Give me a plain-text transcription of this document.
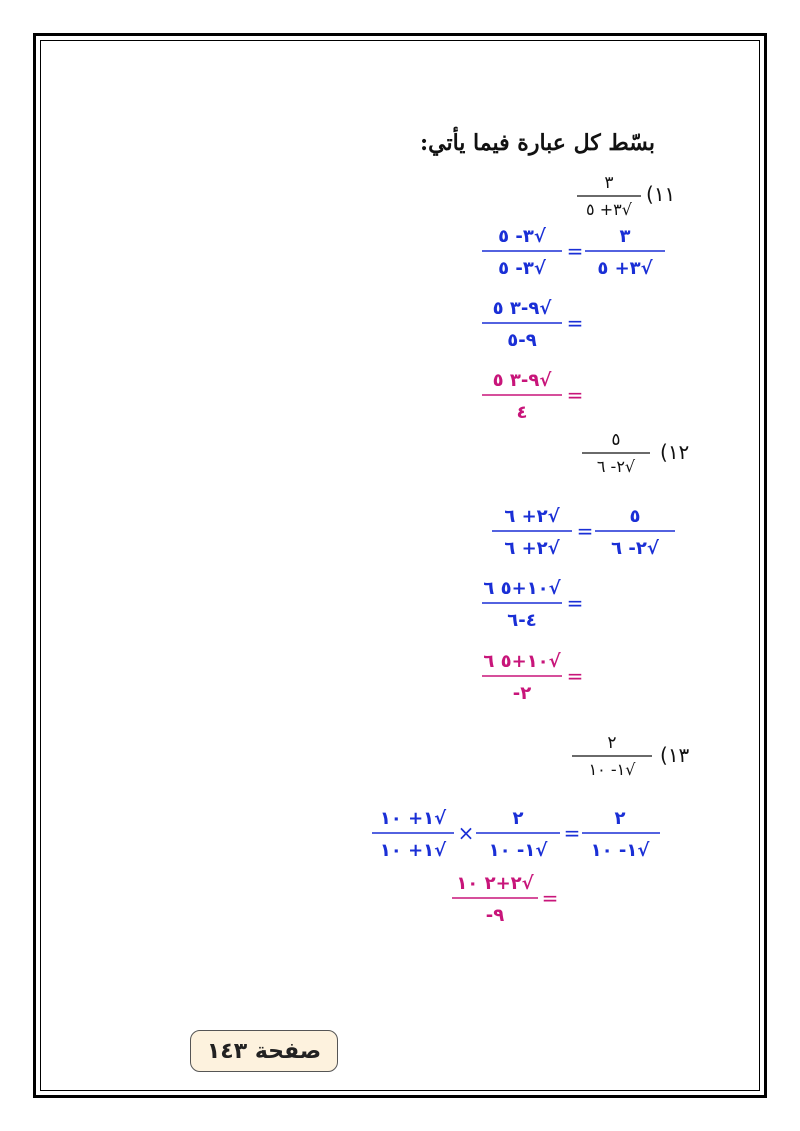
بسّط كل عبارة فيما يأتي:
(١١
٣
٣+ ٥√
٣- ٥√
٣- ٥√
=
٣
٣+ ٥√
٩-٣ ٥√
٩-٥
=
٩-٣ ٥√
٤
=
(١٢
٥
٢- ٦√
٢+ ٦√
٢+ ٦√
=
٥
٢- ٦√
١٠+٥ ٦√
٤-٦
=
١٠+٥ ٦√
-٢
=
(١٣
٢
١- ١٠√
١+ ١٠√
١+ ١٠√
×
٢
١- ١٠√
=
٢
١- ١٠√
٢+٢ ١٠√
-٩
=
صفحة ١٤٣
